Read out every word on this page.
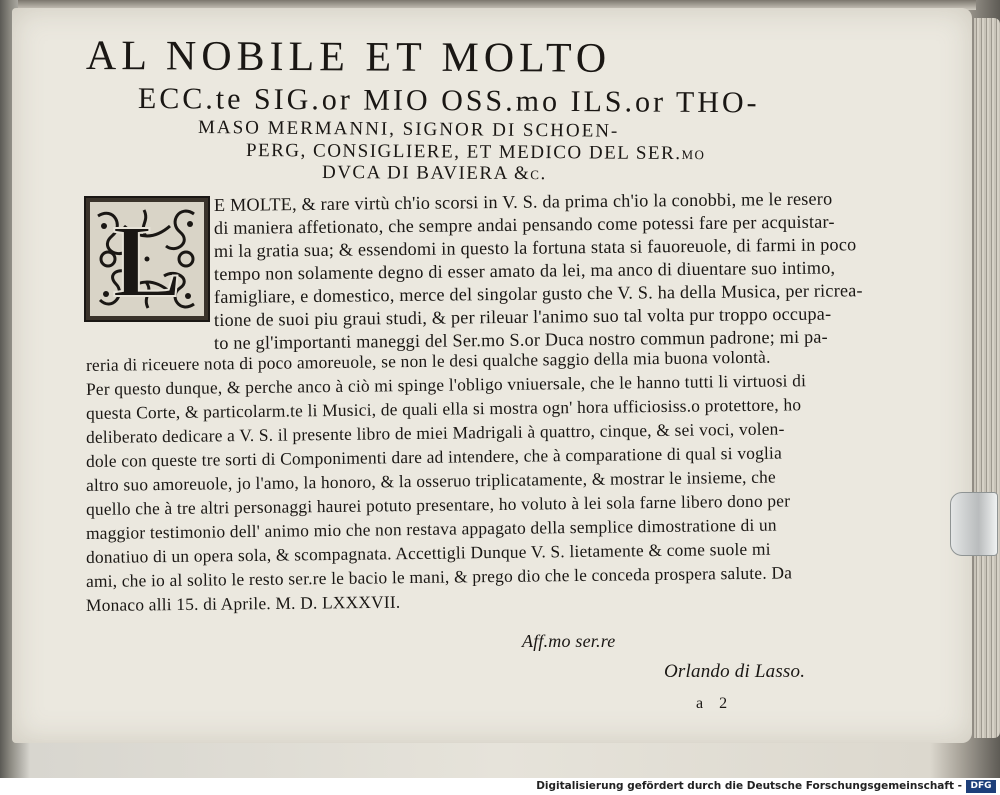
AL NOBILE ET MOLTO
ECC.te SIG.or MIO OSS.mo ILS.or THO-
MASO MERMANNI, SIGNOR DI SCHOEN-
PERG, CONSIGLIERE, ET MEDICO DEL SER.mo
DVCA DI BAVIERA &c.
L
E MOLTE, & rare virtù ch'io scorsi in V. S. da prima ch'io la conobbi, me le resero
di maniera affetionato, che sempre andai pensando come potessi fare per acquistar-
mi la gratia sua; & essendomi in questo la fortuna stata si fauoreuole, di farmi in poco
tempo non solamente degno di esser amato da lei, ma anco di diuentare suo intimo,
famigliare, e domestico, merce del singolar gusto che V. S. ha della Musica, per ricrea-
tione de suoi piu graui studi, & per rileuar l'animo suo tal volta pur troppo occupa-
to ne gl'importanti maneggi del Ser.mo S.or Duca nostro commun padrone; mi pa-
reria di riceuere nota di poco amoreuole, se non le desi qualche saggio della mia buona volontà.
Per questo dunque, & perche anco à ciò mi spinge l'obligo vniuersale, che le hanno tutti li virtuosi di
questa Corte, & particolarm.te li Musici, de quali ella si mostra ogn' hora ufficiosiss.o protettore, ho
deliberato dedicare a V. S. il presente libro de miei Madrigali à quattro, cinque, & sei voci, volen-
dole con queste tre sorti di Componimenti dare ad intendere, che à comparatione di qual si voglia
altro suo amoreuole, jo l'amo, la honoro, & la osseruo triplicatamente, & mostrar le insieme, che
quello che à tre altri personaggi haurei potuto presentare, ho voluto à lei sola farne libero dono per
maggior testimonio dell' animo mio che non restava appagato della semplice dimostratione di un
donatiuo di un opera sola, & scompagnata. Accettigli Dunque V. S. lietamente & come suole mi
ami, che io al solito le resto ser.re le bacio le mani, & prego dio che le conceda prospera salute. Da
Monaco alli 15. di Aprile. M. D. LXXXVII.
Aff.mo ser.re
Orlando di Lasso.
a 2
Digitalisierung gefördert durch die Deutsche Forschungsgemeinschaft - DFG
